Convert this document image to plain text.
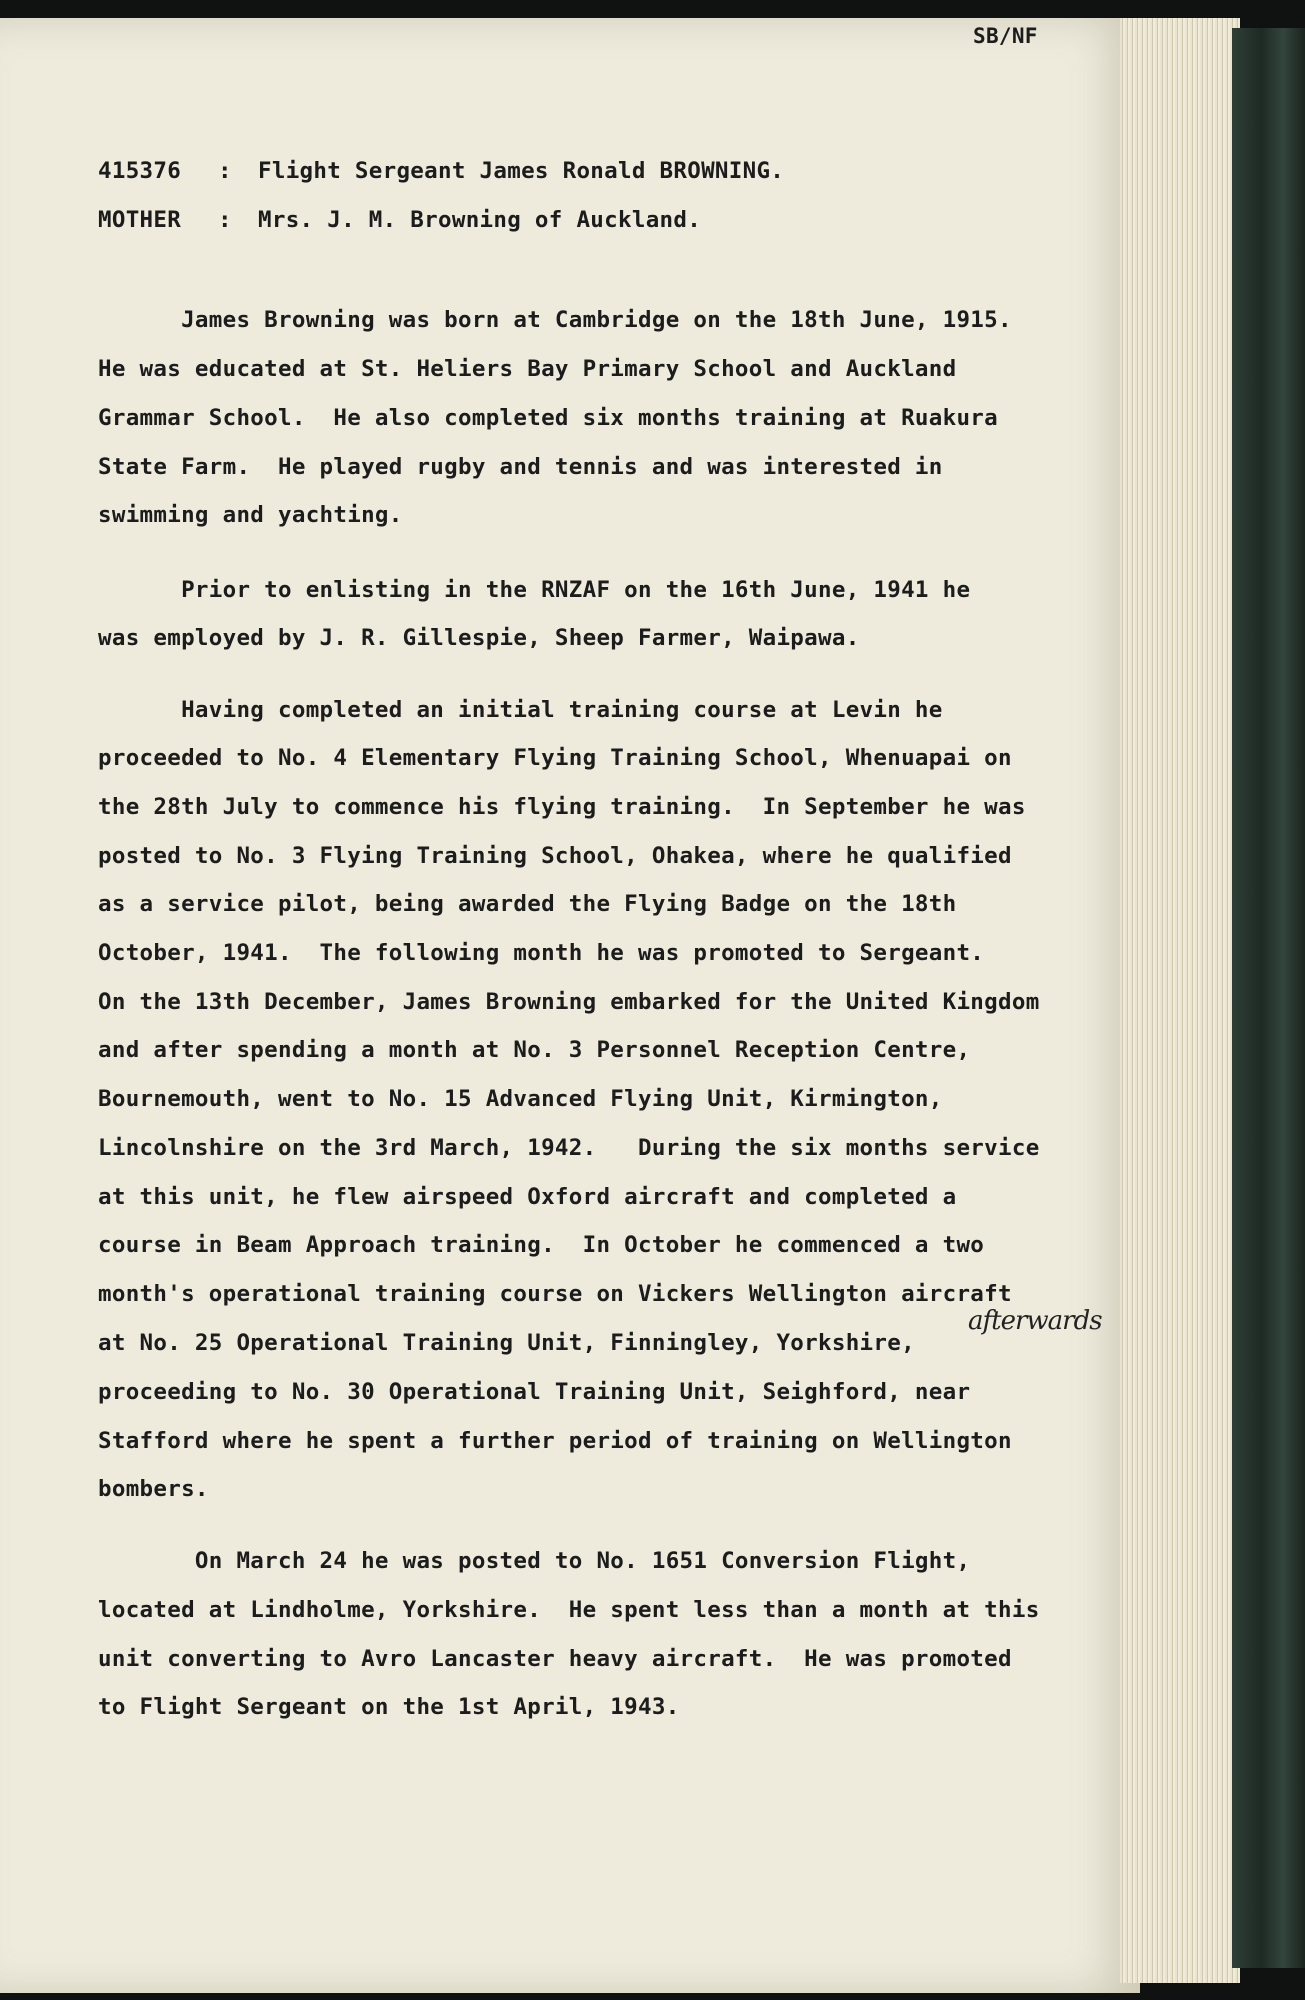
SB/NF
415376 : Flight Sergeant James Ronald BROWNING.
MOTHER : Mrs. J. M. Browning of Auckland.
James Browning was born at Cambridge on the 18th June, 1915.
He was educated at St. Heliers Bay Primary School and Auckland
Grammar School.  He also completed six months training at Ruakura
State Farm.  He played rugby and tennis and was interested in
swimming and yachting.
Prior to enlisting in the RNZAF on the 16th June, 1941 he
was employed by J. R. Gillespie, Sheep Farmer, Waipawa.
Having completed an initial training course at Levin he
proceeded to No. 4 Elementary Flying Training School, Whenuapai on
the 28th July to commence his flying training.  In September he was
posted to No. 3 Flying Training School, Ohakea, where he qualified
as a service pilot, being awarded the Flying Badge on the 18th
October, 1941.  The following month he was promoted to Sergeant.
On the 13th December, James Browning embarked for the United Kingdom
and after spending a month at No. 3 Personnel Reception Centre,
Bournemouth, went to No. 15 Advanced Flying Unit, Kirmington,
Lincolnshire on the 3rd March, 1942.   During the six months service
at this unit, he flew airspeed Oxford aircraft and completed a
course in Beam Approach training.  In October he commenced a two
month's operational training course on Vickers Wellington aircraft
at No. 25 Operational Training Unit, Finningley, Yorkshire,
proceeding to No. 30 Operational Training Unit, Seighford, near
Stafford where he spent a further period of training on Wellington
bombers.
On March 24 he was posted to No. 1651 Conversion Flight,
located at Lindholme, Yorkshire.  He spent less than a month at this
unit converting to Avro Lancaster heavy aircraft.  He was promoted
to Flight Sergeant on the 1st April, 1943.
afterwards
